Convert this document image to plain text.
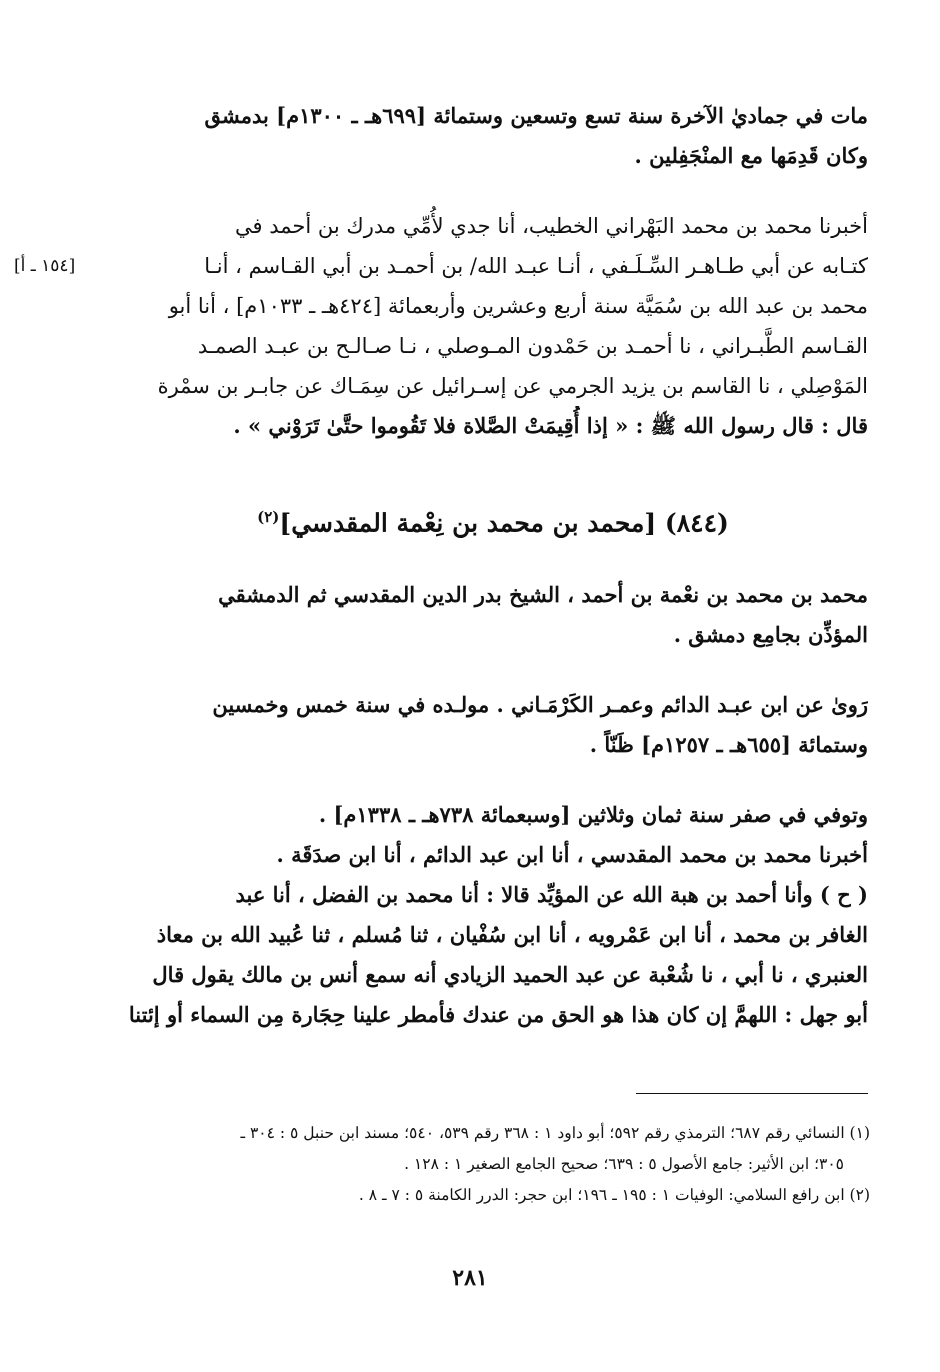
مات في جماديٰ الآخرة سنة تسع وتسعين وستمائة [٦٩٩هـ ـ ١٣٠٠م] بدمشق
وكان قَدِمَها مع المنْجَفِلين .
أخبرنا محمد بن محمد البَهْراني الخطيب، أنا جدي لأُمِّي مدرك بن أحمد في
كتـابه عن أبي طـاهـر السِّـلَـفي ، أنـا عبـد الله/ بن أحمـد بن أبي القـاسم ، أنـا
محمد بن عبد الله بن سُمَيَّة سنة أربع وعشرين وأربعمائة [٤٢٤هـ ـ ١٠٣٣م] ، أنا أبو
القـاسم الطَّبـراني ، نا أحمـد بن حَمْدون المـوصلي ، نـا صـالـح بن عبـد الصمـد
المَوْصِلي ، نا القاسم بن يزيد الجرمي عن إسـرائيل عن سِمَـاك عن جابـر بن سمْرة
قال : قال رسول الله ﷺ : « إذا أُقِيمَتْ الصَّلاة فلا تَقُوموا حتَّىٰ تَرَوْني » .
[١٥٤ ـ أ]
(٨٤٤) [محمد بن محمد بن نِعْمة المقدسي]$^{(٢)}$
محمد بن محمد بن نعْمة بن أحمد ، الشيخ بدر الدين المقدسي ثم الدمشقي
المؤذِّن بجامِع دمشق .
رَوىٰ عن ابن عبـد الدائم وعمـر الكَرْمَـاني . مولـده في سنة خمس وخمسين
وستمائة [٦٥٥هـ ـ ١٢٥٧م] ظَنّاً .
وتوفي في صفر سنة ثمان وثلاثين [وسبعمائة ٧٣٨هـ ـ ١٣٣٨م] .
أخبرنا محمد بن محمد المقدسي ، أنا ابن عبد الدائم ، أنا ابن صدَقَة .
( ح ) وأنا أحمد بن هبة الله عن المؤيِّد قالا : أنا محمد بن الفضل ، أنا عبد
الغافر بن محمد ، أنا ابن عَمْرويه ، أنا ابن سُفْيان ، ثنا مُسلم ، ثنا عُبيد الله بن معاذ
العنبري ، نا أبي ، نا شُعْبة عن عبد الحميد الزيادي أنه سمع أنس بن مالك يقول قال
أبو جهل : اللهمَّ إن كان هذا هو الحق من عندك فأمطر علينا حِجَارة مِن السماء أو إئتنا
(١) النسائي رقم ٦٨٧؛ الترمذي رقم ٥٩٢؛ أبو داود ١ : ٣٦٨ رقم ٥٣٩، ٥٤٠؛ مسند ابن حنبل ٥ : ٣٠٤ ـ
٣٠٥؛ ابن الأثير: جامع الأصول ٥ : ٦٣٩؛ صحيح الجامع الصغير ١ : ١٢٨ .
(٢) ابن رافع السلامي: الوفيات ١ : ١٩٥ ـ ١٩٦؛ ابن حجر: الدرر الكامنة ٥ : ٧ ـ ٨ .
٢٨١
